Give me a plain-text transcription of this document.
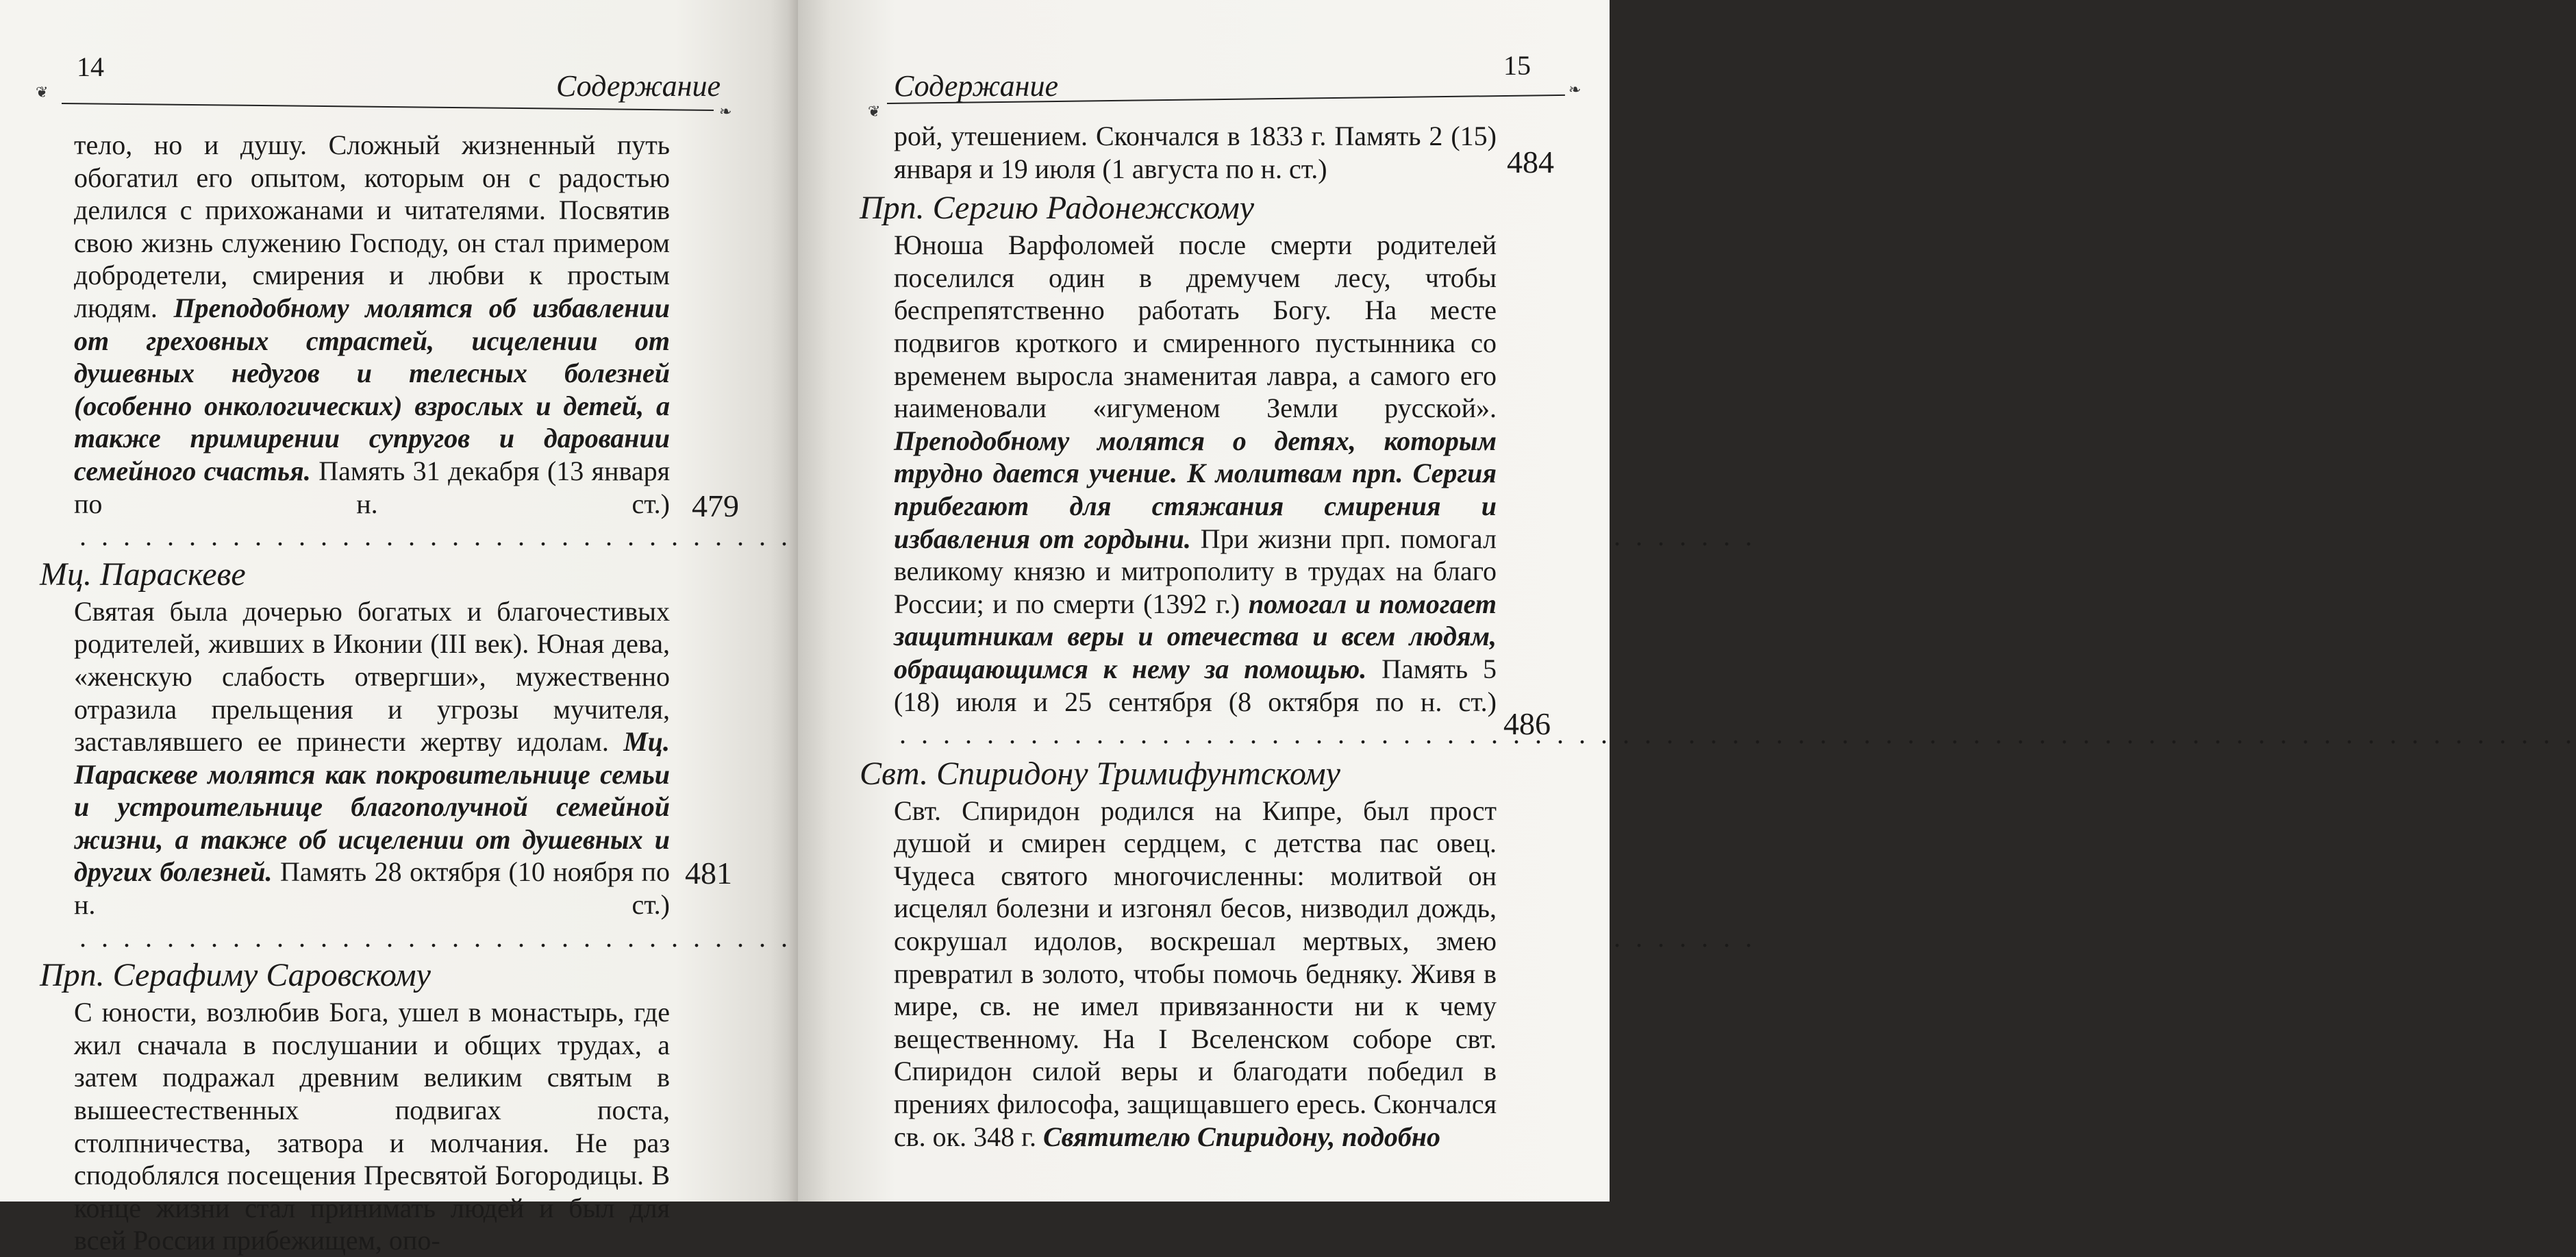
❦
14
Содержание
❧
тело, но и душу. Сложный жизненный путь обогатил его опытом, которым он с радостью делился с прихожанами и читателями. Посвятив свою жизнь служению Господу, он стал примером добродетели, смирения и любви к простым людям. Преподобному молятся об избавлении от греховных страстей, исцелении от душевных недугов и телесных болезней (особенно онкологических) взрослых и детей, а также примирении супругов и даровании семейного счастья. Память 31 декабря (13 января по н. ст.)
. . .
Мц. Параскеве
Святая была дочерью богатых и благочестивых родителей, живших в Иконии (III век). Юная дева, «женскую слабость отвергши», мужественно отразила прельщения и угрозы мучителя, заставлявшего ее принести жертву идолам. Мц. Параскеве молятся как покровительнице семьи и устроительнице благополучной семейной жизни, а также об исцелении от душевных и других болезней. Память 28 октября (10 ноября по н. ст.)
. . .
Прп. Серафиму Саровскому
С юности, возлюбив Бога, ушел в монастырь, где жил сначала в послушании и общих трудах, а затем подражал древним великим святым в вышеестественных подвигах поста, столпничества, затвора и молчания. Не раз сподоблялся посещения Пресвятой Богородицы. В конце жизни стал принимать людей и был для всей России прибежищем, опо-
479
481
❦
Содержание
15
❧
рой, утешением. Скончался в 1833 г. Память 2 (15) января и 19 июля (1 августа по н. ст.)
Прп. Сергию Радонежскому
Юноша Варфоломей после смерти родителей поселился один в дремучем лесу, чтобы беспрепятственно работать Богу. На месте подвигов кроткого и смиренного пустынника со временем выросла знаменитая лавра, а самого его наименовали «игуменом Земли русской». Преподобному молятся о детях, которым трудно дается учение. К молитвам прп. Сергия прибегают для стяжания смирения и избавления от гордыни. При жизни прп. помогал великому князю и митрополиту в трудах на благо России; и по смерти (1392 г.) помогал и помогает защитникам веры и отечества и всем людям, обращающимся к нему за помощью. Память 5 (18) июля и 25 сентября (8 октября по н. ст.)
. . .
Свт. Спиридону Тримифунтскому
Свт. Спиридон родился на Кипре, был прост душой и смирен сердцем, с детства пас овец. Чудеса святого многочисленны: молитвой он исцелял болезни и изгонял бесов, низводил дождь, сокрушал идолов, воскрешал мертвых, змею превратил в золото, чтобы помочь бедняку. Живя в мире, св. не имел привязанности ни к чему вещественному. На I Вселенском соборе свт. Спиридон силой веры и благодати победил в прениях философа, защищавшего ересь. Скончался св. ок. 348 г. Святителю Спиридону, подобно
484
486
